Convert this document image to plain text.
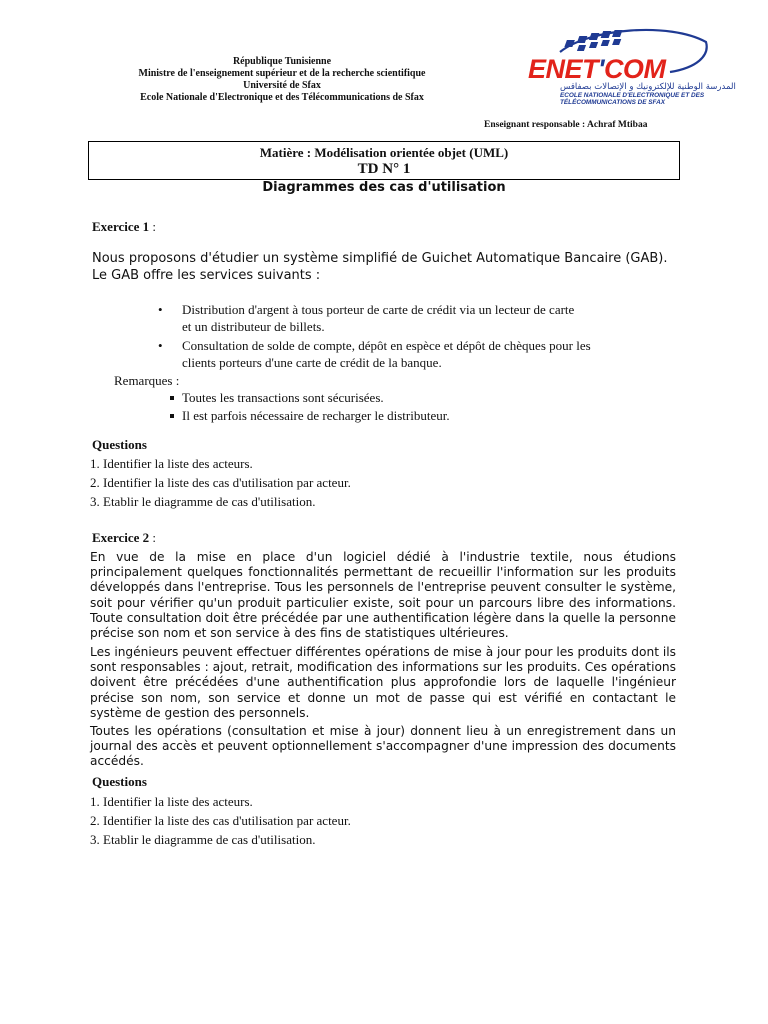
République Tunisienne
Ministre de l'enseignement supérieur et de la recherche scientifique
Université de Sfax
Ecole Nationale d'Electronique et des Télécommunications de Sfax
ENET'COM
المدرسة الوطنية للإلكترونيك و الإتصالات بصفاقس
ECOLE NATIONALE D'ELECTRONIQUE ET DES
TÉLÉCOMMUNICATIONS DE SFAX
Enseignant responsable : Achraf Mtibaa
Matière : Modélisation orientée objet (UML)
TD N° 1
Diagrammes des cas d'utilisation
Exercice 1 :
Nous proposons d'étudier un système simplifié de Guichet Automatique Bancaire (GAB). Le GAB offre les services suivants :
• Distribution d'argent à tous porteur de carte de crédit via un lecteur de carte
et un distributeur de billets.
• Consultation de solde de compte, dépôt en espèce et dépôt de chèques pour les
clients porteurs d'une carte de crédit de la banque.
Remarques :
Toutes les transactions sont sécurisées.
Il est parfois nécessaire de recharger le distributeur.
Questions
1. Identifier la liste des acteurs.
2. Identifier la liste des cas d'utilisation par acteur.
3. Etablir le diagramme de cas d'utilisation.
Exercice 2 :
En vue de la mise en place d'un logiciel dédié à l'industrie textile, nous étudions principalement quelques fonctionnalités permettant de recueillir l'information sur les produits développés dans l'entreprise. Tous les personnels de l'entreprise peuvent consulter le système, soit pour vérifier qu'un produit particulier existe, soit pour un parcours libre des informations. Toute consultation doit être précédée par une authentification légère dans la quelle la personne précise son nom et son service à des fins de statistiques ultérieures.
Les ingénieurs peuvent effectuer différentes opérations de mise à jour pour les produits dont ils sont responsables : ajout, retrait, modification des informations sur les produits. Ces opérations doivent être précédées d'une authentification plus approfondie lors de laquelle l'ingénieur précise son nom, son service et donne un mot de passe qui est vérifié en contactant le système de gestion des personnels.
Toutes les opérations (consultation et mise à jour) donnent lieu à un enregistrement dans un journal des accès et peuvent optionnellement s'accompagner d'une impression des documents accédés.
Questions
1. Identifier la liste des acteurs.
2. Identifier la liste des cas d'utilisation par acteur.
3. Etablir le diagramme de cas d'utilisation.
